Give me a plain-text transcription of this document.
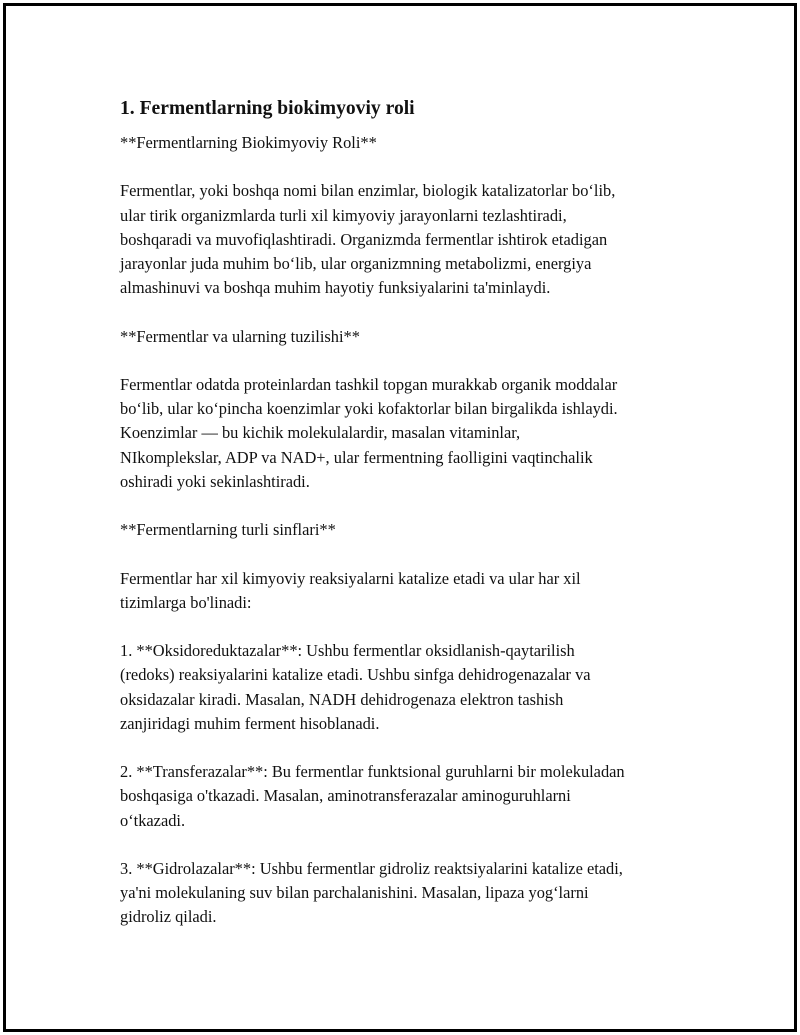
1. Fermentlarning biokimyoviy roli
**Fermentlarning Biokimyoviy Roli**
Fermentlar, yoki boshqa nomi bilan enzimlar, biologik katalizatorlar bo‘lib,
ular tirik organizmlarda turli xil kimyoviy jarayonlarni tezlashtiradi,
boshqaradi va muvofiqlashtiradi. Organizmda fermentlar ishtirok etadigan
jarayonlar juda muhim bo‘lib, ular organizmning metabolizmi, energiya
almashinuvi va boshqa muhim hayotiy funksiyalarini ta'minlaydi.
**Fermentlar va ularning tuzilishi**
Fermentlar odatda proteinlardan tashkil topgan murakkab organik moddalar
bo‘lib, ular ko‘pincha koenzimlar yoki kofaktorlar bilan birgalikda ishlaydi.
Koenzimlar — bu kichik molekulalardir, masalan vitaminlar,
NIkomplekslar, ADP va NAD+, ular fermentning faolligini vaqtinchalik
oshiradi yoki sekinlashtiradi.
**Fermentlarning turli sinflari**
Fermentlar har xil kimyoviy reaksiyalarni katalize etadi va ular har xil
tizimlarga bo'linadi:
1. **Oksidoreduktazalar**: Ushbu fermentlar oksidlanish-qaytarilish
(redoks) reaksiyalarini katalize etadi. Ushbu sinfga dehidrogenazalar va
oksidazalar kiradi. Masalan, NADH dehidrogenaza elektron tashish
zanjiridagi muhim ferment hisoblanadi.
2. **Transferazalar**: Bu fermentlar funktsional guruhlarni bir molekuladan
boshqasiga o'tkazadi. Masalan, aminotransferazalar aminoguruhlarni
o‘tkazadi.
3. **Gidrolazalar**: Ushbu fermentlar gidroliz reaktsiyalarini katalize etadi,
ya'ni molekulaning suv bilan parchalanishini. Masalan, lipaza yog‘larni
gidroliz qiladi.
